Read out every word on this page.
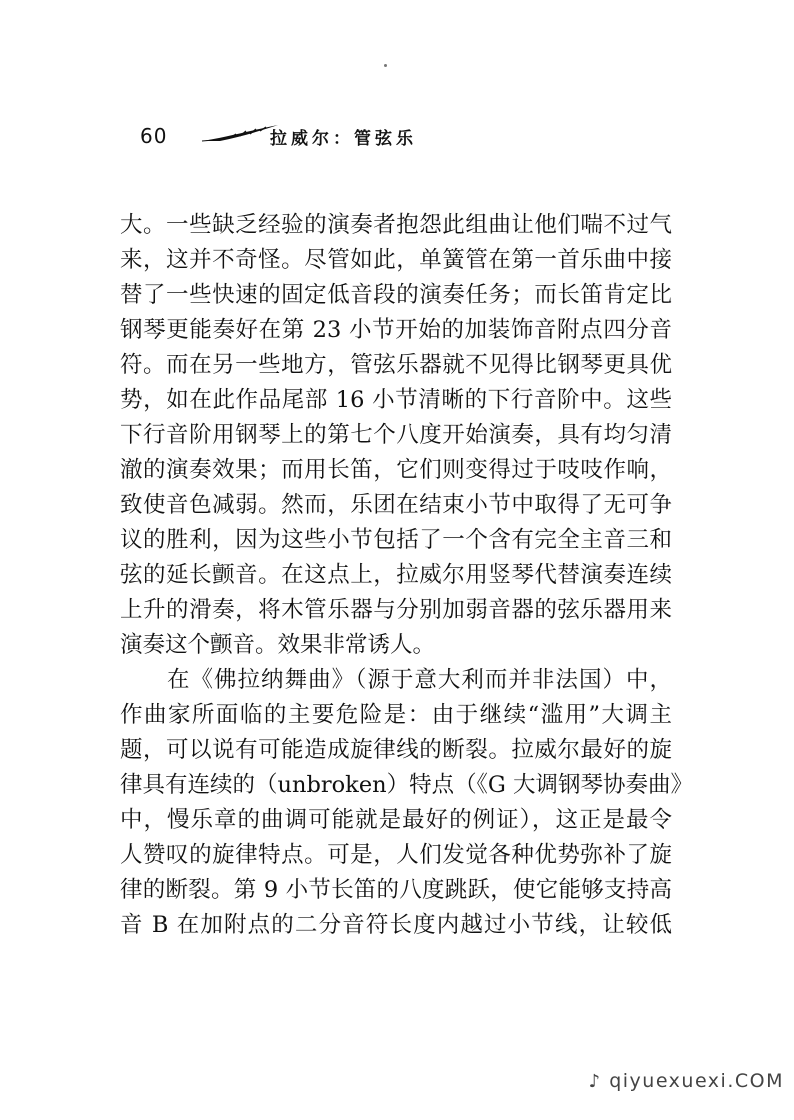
60	拉威尔：管弦乐
大。一些缺乏经验的演奏者抱怨此组曲让他们喘不过气
来，这并不奇怪。尽管如此，单簧管在第一首乐曲中接
替了一些快速的固定低音段的演奏任务；而长笛肯定比
钢琴更能奏好在第 23 小节开始的加装饰音附点四分音
符。而在另一些地方，管弦乐器就不见得比钢琴更具优
势，如在此作品尾部 16 小节清晰的下行音阶中。这些
下行音阶用钢琴上的第七个八度开始演奏，具有均匀清
澈的演奏效果；而用长笛，它们则变得过于吱吱作响，
致使音色减弱。然而，乐团在结束小节中取得了无可争
议的胜利，因为这些小节包括了一个含有完全主音三和
弦的延长颤音。在这点上，拉威尔用竖琴代替演奏连续
上升的滑奏，将木管乐器与分别加弱音器的弦乐器用来
演奏这个颤音。效果非常诱人。
　　在《佛拉纳舞曲》（源于意大利而并非法国）中，
作曲家所面临的主要危险是：由于继续“滥用”大调主
题，可以说有可能造成旋律线的断裂。拉威尔最好的旋
律具有连续的（unbroken）特点（《G 大调钢琴协奏曲》
中，慢乐章的曲调可能就是最好的例证），这正是最令
人赞叹的旋律特点。可是，人们发觉各种优势弥补了旋
律的断裂。第 9 小节长笛的八度跳跃，使它能够支持高
音 B 在加附点的二分音符长度内越过小节线，让较低
♪ qiyuexuexi.COM
